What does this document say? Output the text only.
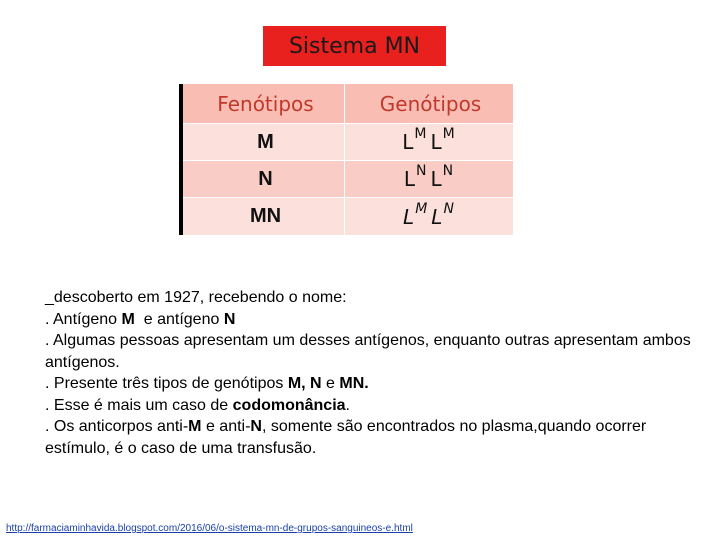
Sistema MN
Fenótipos	Genótipos
M	$L^M$ $L^M$
N	$L^N$ $L^N$
MN	$L^M$ $L^N$

_descoberto em 1927, recebendo o nome:

. Antígeno M  e antígeno N

. Algumas pessoas apresentam um desses antígenos, enquanto outras apresentam ambos antígenos.

. Presente três tipos de genótipos M, N e MN.

. Esse é mais um caso de codomonância.

. Os anticorpos anti-M e anti-N, somente são encontrados no plasma,quando ocorrer estímulo, é o caso de uma transfusão.

http://farmaciaminhavida.blogspot.com/2016/06/o-sistema-mn-de-grupos-sanguineos-e.html
